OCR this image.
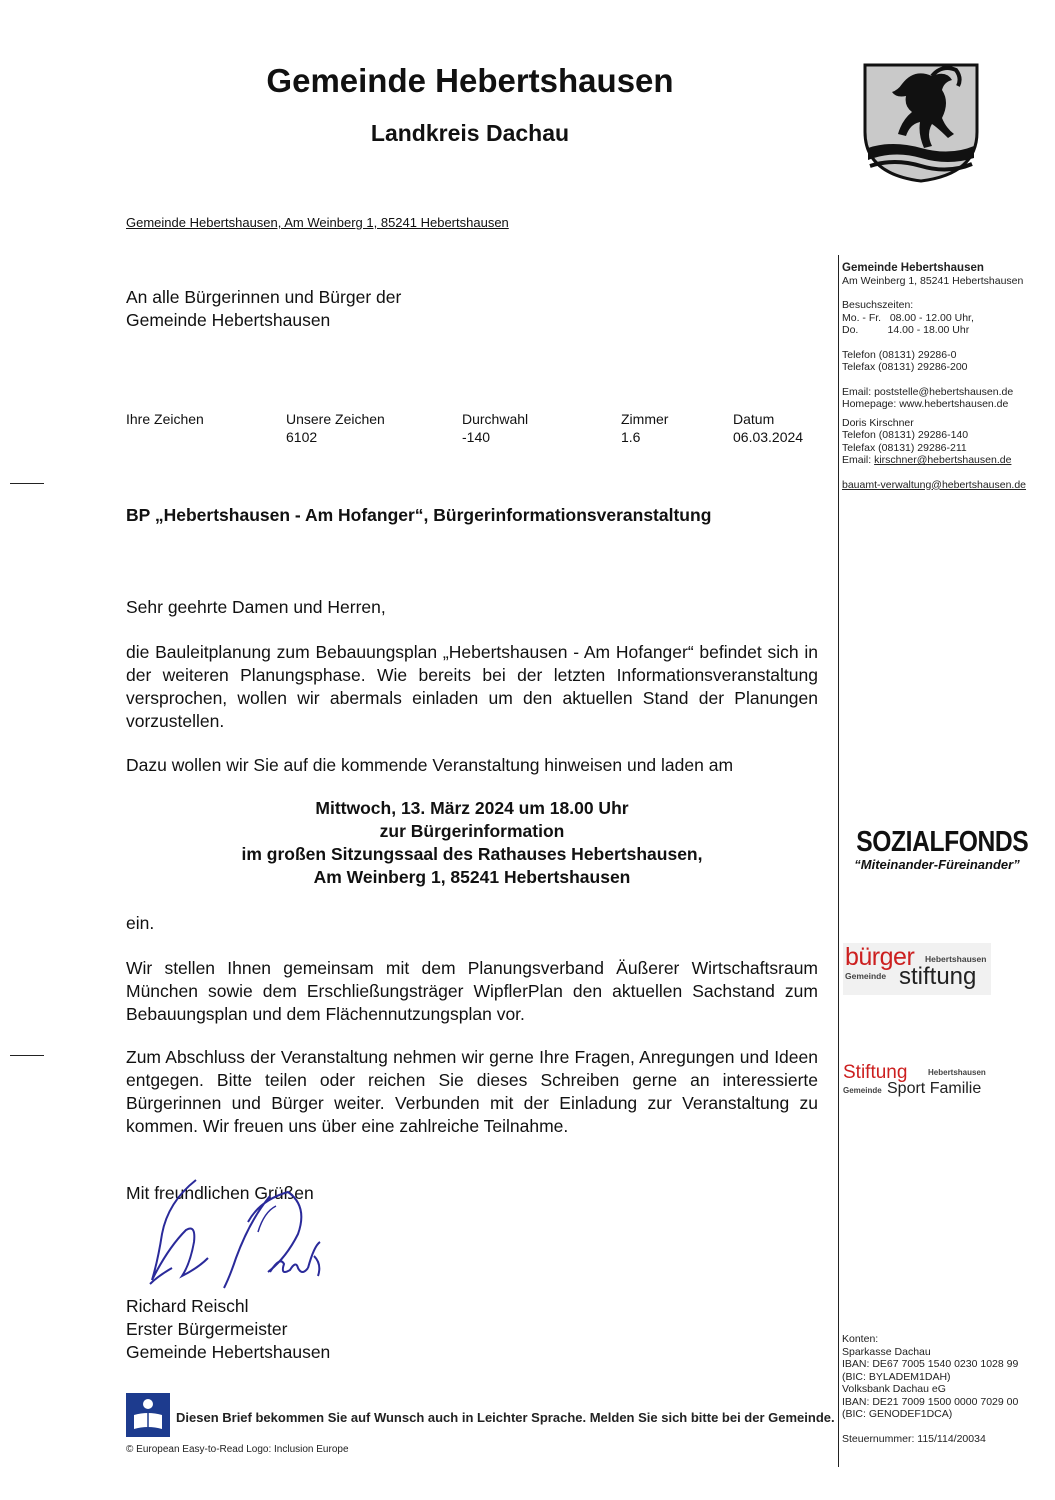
Gemeinde Hebertshausen
Landkreis Dachau
Gemeinde Hebertshausen, Am Weinberg 1, 85241 Hebertshausen
An alle Bürgerinnen und Bürger der
Gemeinde Hebertshausen
Ihre Zeichen	Unsere Zeichen
6102
Durchwahl
-140
Zimmer
1.6
Datum
06.03.2024
Gemeinde Hebertshausen
Am Weinberg 1, 85241 Hebertshausen
Besuchszeiten:
Mo. - Fr.   08.00 - 12.00 Uhr,
Do.          14.00 - 18.00 Uhr
Telefon (08131) 29286-0
Telefax (08131) 29286-200
Email: poststelle@hebertshausen.de
Homepage: www.hebertshausen.de
Doris Kirschner
Telefon (08131) 29286-140
Telefax (08131) 29286-211
Email: kirschner@hebertshausen.de
bauamt-verwaltung@hebertshausen.de
Konten:
Sparkasse Dachau
IBAN: DE67 7005 1540 0230 1028 99
(BIC: BYLADEM1DAH)
Volksbank Dachau eG
IBAN: DE21 7009 1500 0000 7029 00
(BIC: GENODEF1DCA)
Steuernummer: 115/114/20034
BP „Hebertshausen - Am Hofanger“, Bürgerinformationsveranstaltung
Sehr geehrte Damen und Herren,
die Bauleitplanung zum Bebauungsplan „Hebertshausen - Am Hofanger“ befindet sich in der weiteren Planungsphase. Wie bereits bei der letzten Informationsveranstaltung versprochen, wollen wir abermals einladen um den aktuellen Stand der Planungen vorzustellen.
Dazu wollen wir Sie auf die kommende Veranstaltung hinweisen und laden am
Mittwoch, 13. März 2024 um 18.00 Uhr
zur Bürgerinformation
im großen Sitzungssaal des Rathauses Hebertshausen,
Am Weinberg 1, 85241 Hebertshausen
ein.
Wir stellen Ihnen gemeinsam mit dem Planungsverband Äußerer Wirtschaftsraum München sowie dem Erschließungsträger WipflerPlan den aktuellen Sachstand zum Bebauungsplan und dem Flächennutzungsplan vor.
Zum Abschluss der Veranstaltung nehmen wir gerne Ihre Fragen, Anregungen und Ideen entgegen. Bitte teilen oder reichen Sie dieses Schreiben gerne an interessierte Bürgerinnen und Bürger weiter. Verbunden mit der Einladung zur Veranstaltung zu kommen. Wir freuen uns über eine zahlreiche Teilnahme.
Mit freundlichen Grüßen
Richard Reischl
Erster Bürgermeister
Gemeinde Hebertshausen
SOZIALFONDS
“Miteinander-Füreinander”
bürger Hebertshausen
Gemeinde stiftung
Stiftung	Hebertshausen
Gemeinde Sport Familie
Diesen Brief bekommen Sie auf Wunsch auch in Leichter Sprache. Melden Sie sich bitte bei der Gemeinde.
© European Easy-to-Read Logo: Inclusion Europe
